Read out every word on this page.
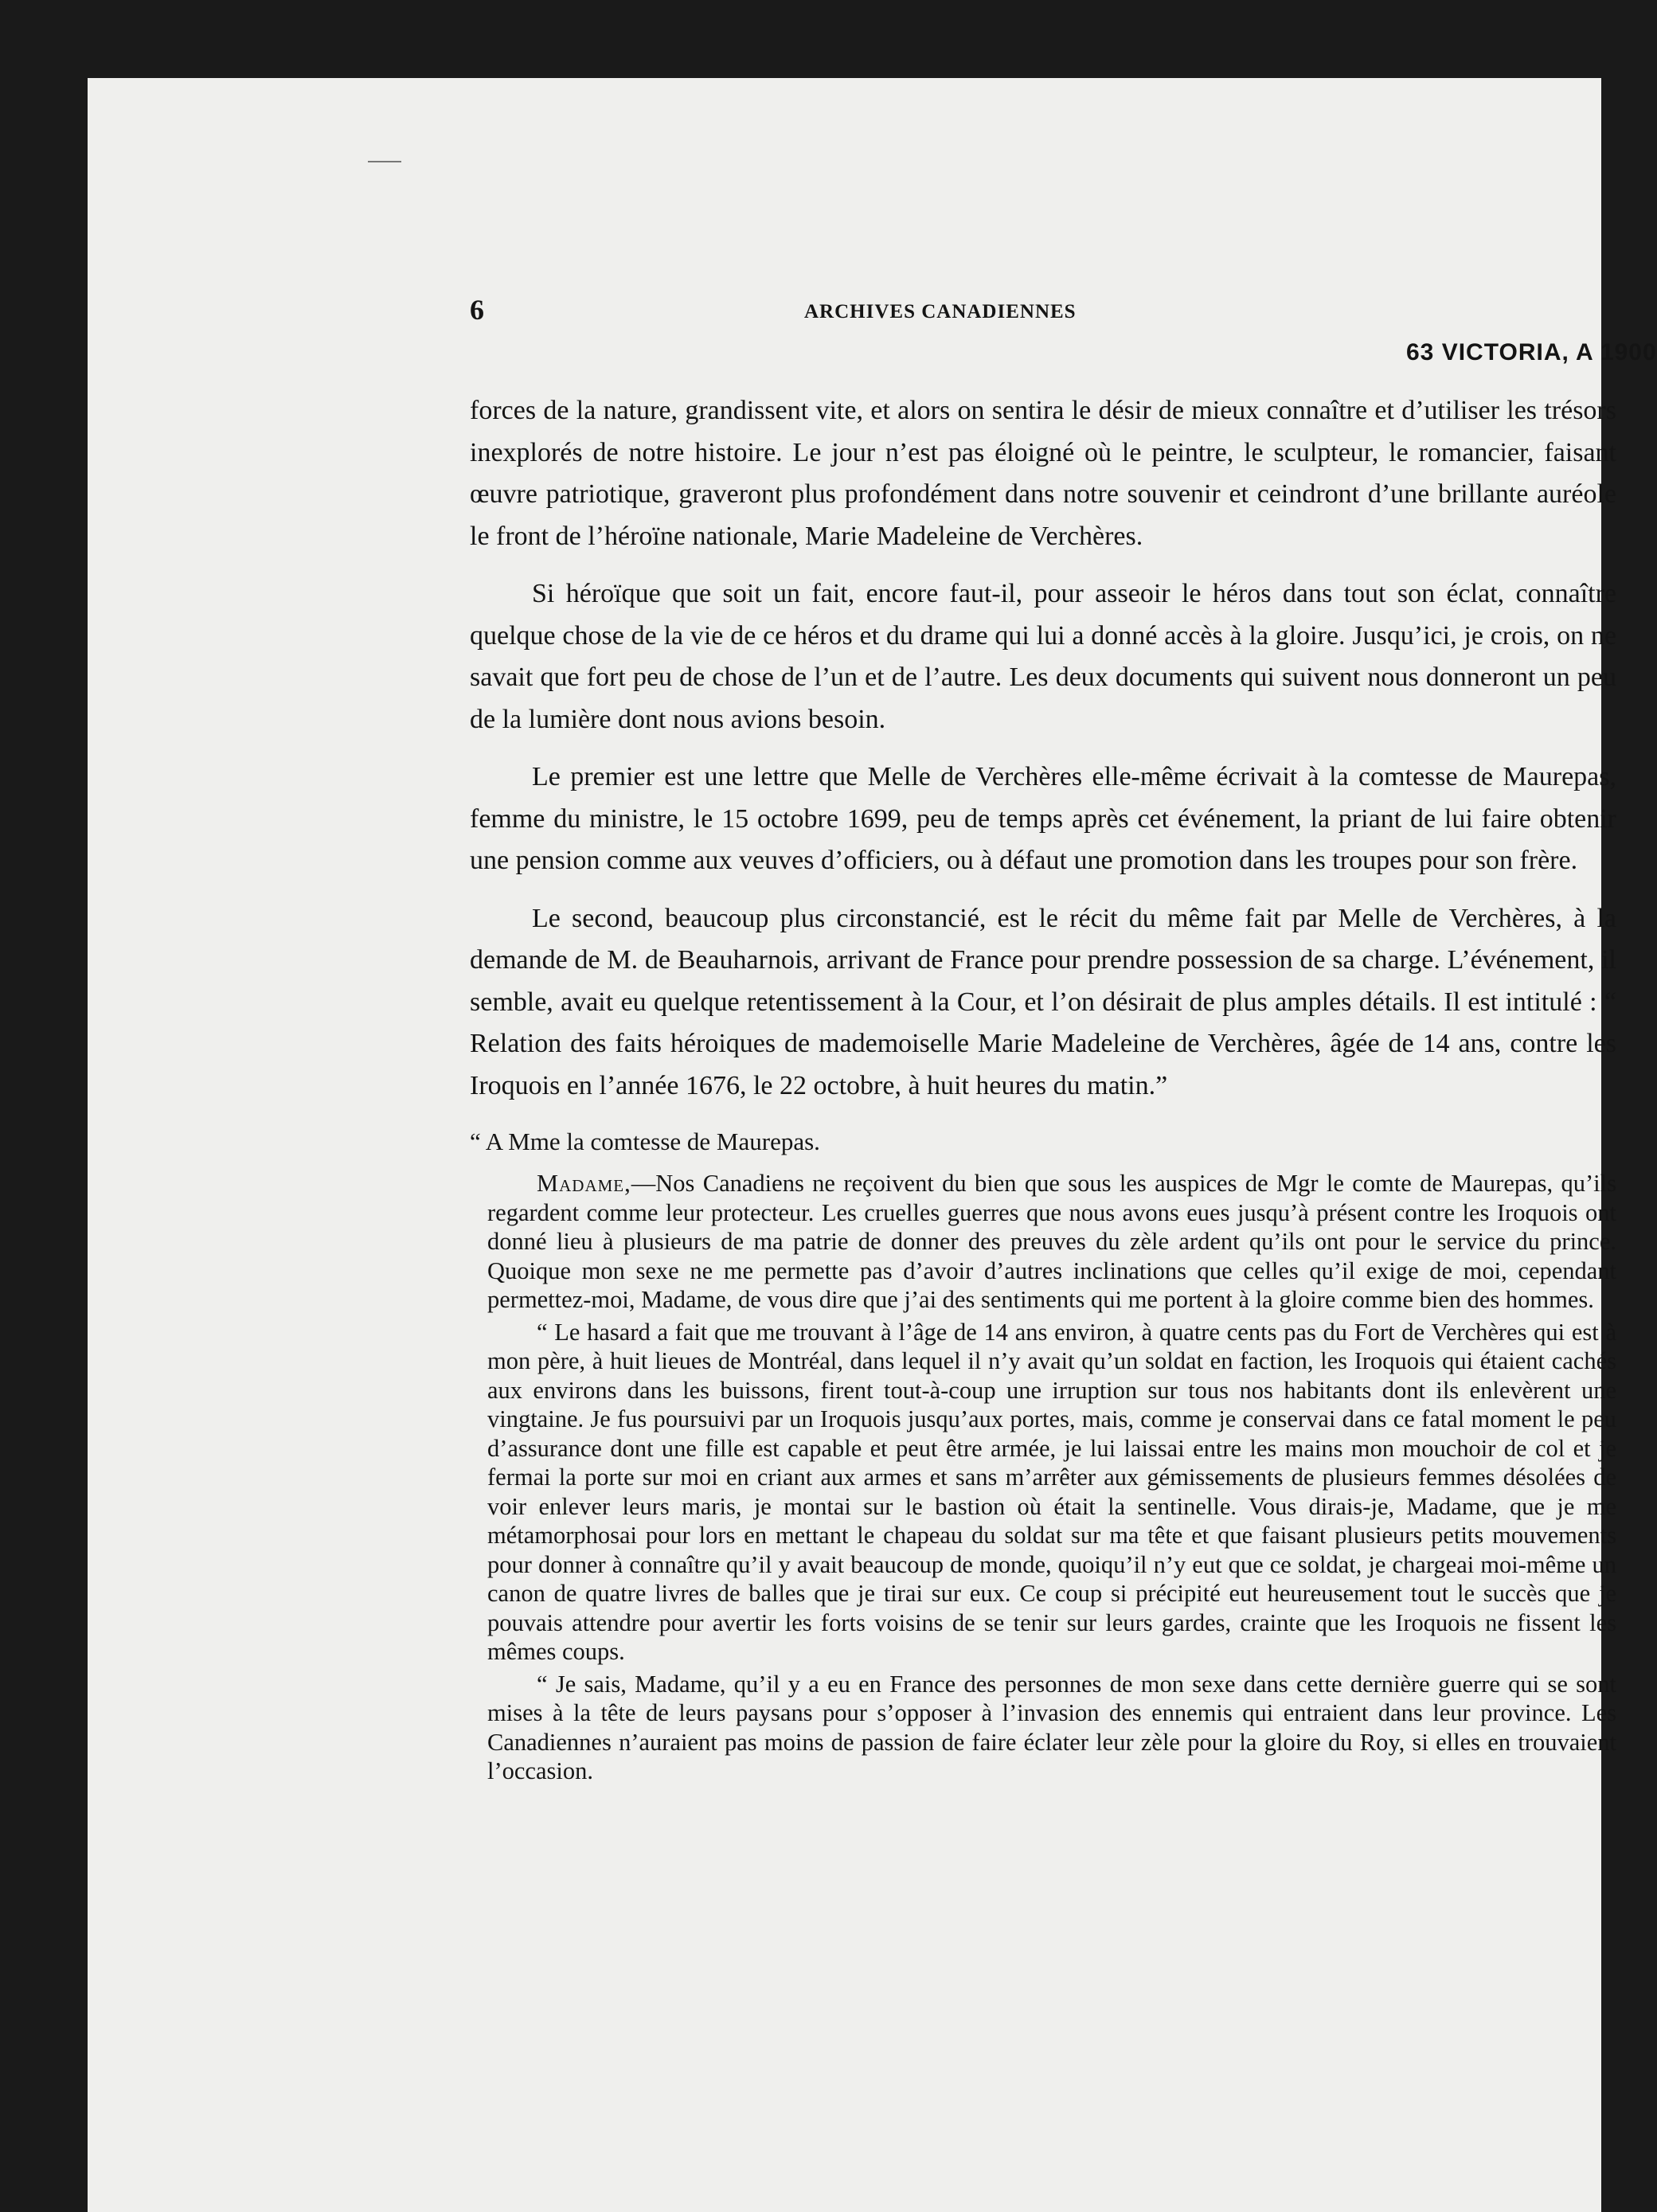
6	ARCHIVES CANADIENNES
63 VICTORIA, A 1900

forces de la nature, grandissent vite, et alors on sentira le désir de mieux connaître et d’utiliser les trésors inexplorés de notre histoire. Le jour n’est pas éloigné où le peintre, le sculpteur, le romancier, faisant œuvre patriotique, graveront plus profondément dans notre souvenir et ceindront d’une brillante auréole le front de l’héroïne nationale, Marie Madeleine de Verchères.

Si héroïque que soit un fait, encore faut-il, pour asseoir le héros dans tout son éclat, connaître quelque chose de la vie de ce héros et du drame qui lui a donné accès à la gloire. Jusqu’ici, je crois, on ne savait que fort peu de chose de l’un et de l’autre. Les deux documents qui suivent nous donneront un peu de la lumière dont nous avions besoin.

Le premier est une lettre que Melle de Verchères elle-même écrivait à la comtesse de Maurepas, femme du ministre, le 15 octobre 1699, peu de temps après cet événement, la priant de lui faire obtenir une pension comme aux veuves d’officiers, ou à défaut une promotion dans les troupes pour son frère.

Le second, beaucoup plus circonstancié, est le récit du même fait par Melle de Verchères, à la demande de M. de Beauharnois, arrivant de France pour prendre possession de sa charge. L’événement, il semble, avait eu quelque retentissement à la Cour, et l’on désirait de plus amples détails. Il est intitulé : “ Relation des faits héroiques de mademoiselle Marie Madeleine de Verchères, âgée de 14 ans, contre les Iroquois en l’année 1676, le 22 octobre, à huit heures du matin.”

“ A Mme la comtesse de Maurepas.

Madame,—Nos Canadiens ne reçoivent du bien que sous les auspices de Mgr le comte de Maurepas, qu’ils regardent comme leur protecteur. Les cruelles guerres que nous avons eues jusqu’à présent contre les Iroquois ont donné lieu à plusieurs de ma patrie de donner des preuves du zèle ardent qu’ils ont pour le service du prince. Quoique mon sexe ne me permette pas d’avoir d’autres inclinations que celles qu’il exige de moi, cependant permettez-moi, Madame, de vous dire que j’ai des sentiments qui me portent à la gloire comme bien des hommes.

“ Le hasard a fait que me trouvant à l’âge de 14 ans environ, à quatre cents pas du Fort de Verchères qui est à mon père, à huit lieues de Montréal, dans lequel il n’y avait qu’un soldat en faction, les Iroquois qui étaient cachés aux environs dans les buissons, firent tout-à-coup une irruption sur tous nos habitants dont ils enlevèrent une vingtaine. Je fus poursuivi par un Iroquois jusqu’aux portes, mais, comme je conservai dans ce fatal moment le peu d’assurance dont une fille est capable et peut être armée, je lui laissai entre les mains mon mouchoir de col et je fermai la porte sur moi en criant aux armes et sans m’arrêter aux gémissements de plusieurs femmes désolées de voir enlever leurs maris, je montai sur le bastion où était la sentinelle. Vous dirais-je, Madame, que je me métamorphosai pour lors en mettant le chapeau du soldat sur ma tête et que faisant plusieurs petits mouvements pour donner à connaître qu’il y avait beaucoup de monde, quoiqu’il n’y eut que ce soldat, je chargeai moi-même un canon de quatre livres de balles que je tirai sur eux. Ce coup si précipité eut heureusement tout le succès que je pouvais attendre pour avertir les forts voisins de se tenir sur leurs gardes, crainte que les Iroquois ne fissent les mêmes coups.

“ Je sais, Madame, qu’il y a eu en France des personnes de mon sexe dans cette dernière guerre qui se sont mises à la tête de leurs paysans pour s’opposer à l’invasion des ennemis qui entraient dans leur province. Les Canadiennes n’auraient pas moins de passion de faire éclater leur zèle pour la gloire du Roy, si elles en trouvaient l’occasion.
